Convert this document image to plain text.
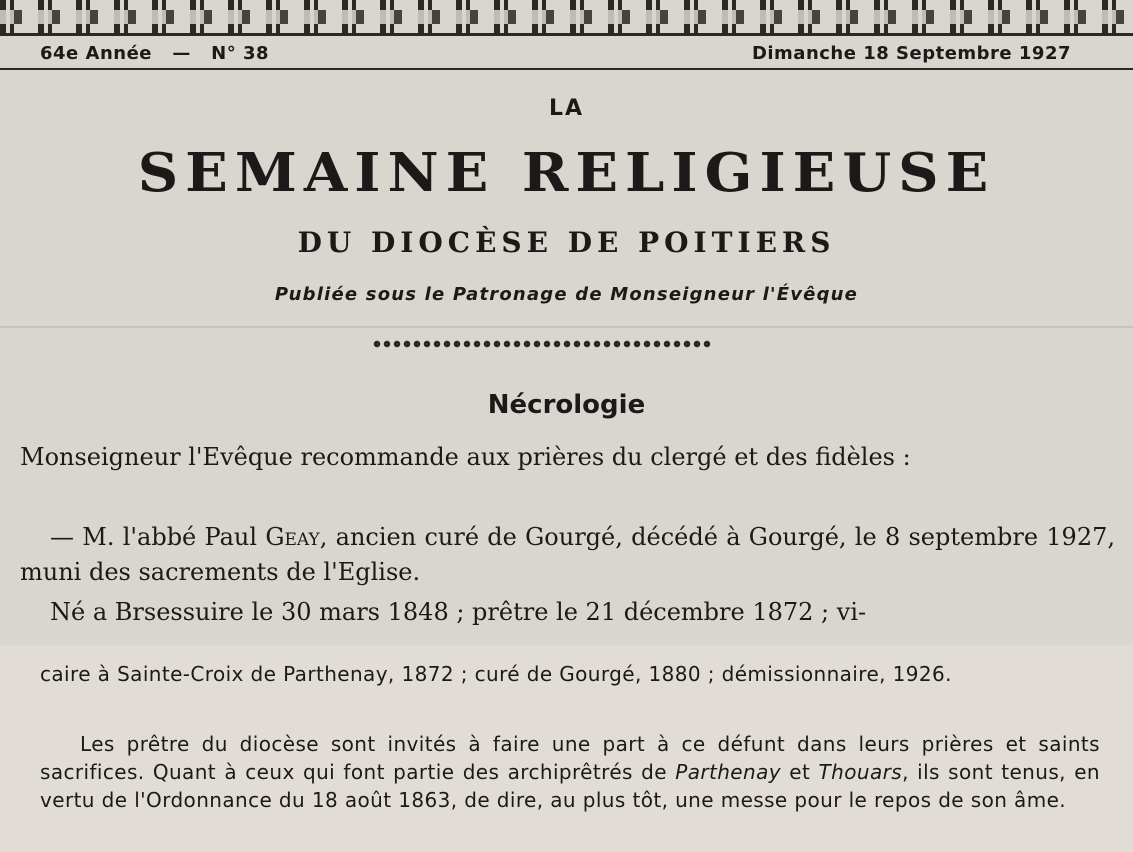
64e Année — N° 38	Dimanche 18 Septembre 1927
LA
SEMAINE RELIGIEUSE
DU DIOCÈSE DE POITIERS
Publiée sous le Patronage de Monseigneur l'Évêque
Nécrologie
Monseigneur l'Evêque recommande aux prières du clergé et des fidèles :
— M. l'abbé Paul Geay, ancien curé de Gourgé, décédé à Gourgé, le 8 septembre 1927, muni des sacrements de l'Eglise.
Né a Brsessuire le 30 mars 1848 ; prêtre le 21 décembre 1872 ; vi-
caire à Sainte-Croix de Parthenay, 1872 ; curé de Gourgé, 1880 ; démissionnaire, 1926.
Les prêtre du diocèse sont invités à faire une part à ce défunt dans leurs prières et saints sacrifices. Quant à ceux qui font partie des archiprêtrés de Parthenay et Thouars, ils sont tenus, en vertu de l'Ordonnance du 18 août 1863, de dire, au plus tôt, une messe pour le repos de son âme.
